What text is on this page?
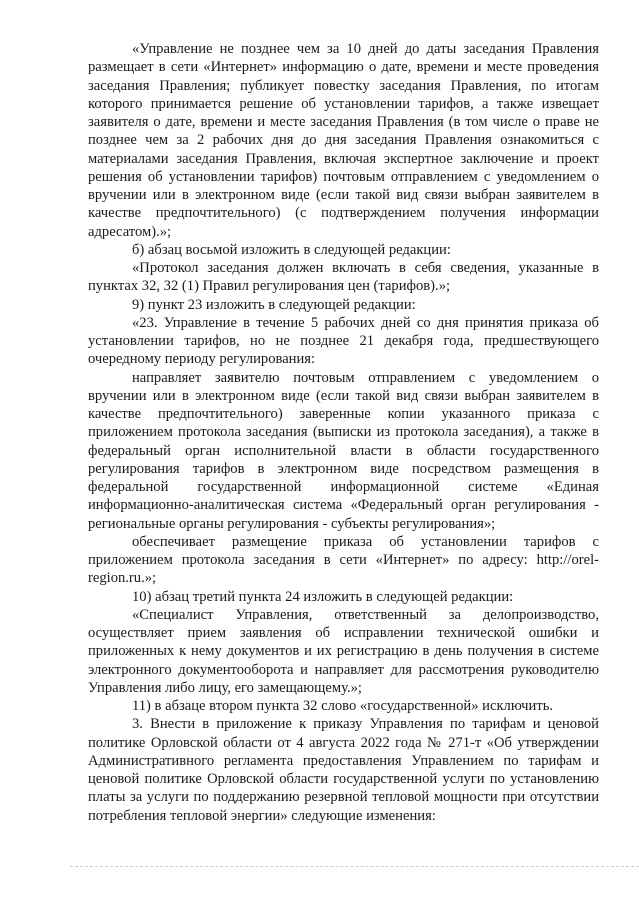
«Управление не позднее чем за 10 дней до даты заседания Правления размещает в сети «Интернет» информацию о дате, времени и месте проведения заседания Правления; публикует повестку заседания Правления, по итогам которого принимается решение об установлении тарифов, а также извещает заявителя о дате, времени и месте заседания Правления (в том числе о праве не позднее чем за 2 рабочих дня до дня заседания Правления ознакомиться с материалами заседания Правления, включая экспертное заключение и проект решения об установлении тарифов) почтовым отправлением с уведомлением о вручении или в электронном виде (если такой вид связи выбран заявителем в качестве предпочтительного) (с подтверждением получения информации адресатом).»;

б) абзац восьмой изложить в следующей редакции:

«Протокол заседания должен включать в себя сведения, указанные в пунктах 32, 32 (1) Правил регулирования цен (тарифов).»;

9) пункт 23 изложить в следующей редакции:

«23. Управление в течение 5 рабочих дней со дня принятия приказа об установлении тарифов, но не позднее 21 декабря года, предшествующего очередному периоду регулирования:

направляет заявителю почтовым отправлением с уведомлением о вручении или в электронном виде (если такой вид связи выбран заявителем в качестве предпочтительного) заверенные копии указанного приказа с приложением протокола заседания (выписки из протокола заседания), а также в федеральный орган исполнительной власти в области государственного регулирования тарифов в электронном виде посредством размещения в федеральной государственной информационной системе «Единая информационно-аналитическая система «Федеральный орган регулирования - региональные органы регулирования - субъекты регулирования»;

обеспечивает размещение приказа об установлении тарифов с приложением протокола заседания в сети «Интернет» по адресу: http://orel-region.ru.»;

10) абзац третий пункта 24 изложить в следующей редакции:

«Специалист Управления, ответственный за делопроизводство, осуществляет прием заявления об исправлении технической ошибки и приложенных к нему документов и их регистрацию в день получения в системе электронного документооборота и направляет для рассмотрения руководителю Управления либо лицу, его замещающему.»;

11) в абзаце втором пункта 32 слово «государственной» исключить.

3. Внести в приложение к приказу Управления по тарифам и ценовой политике Орловской области от 4 августа 2022 года № 271-т «Об утверждении Административного регламента предоставления Управлением по тарифам и ценовой политике Орловской области государственной услуги по установлению платы за услуги по поддержанию резервной тепловой мощности при отсутствии потребления тепловой энергии» следующие изменения:
